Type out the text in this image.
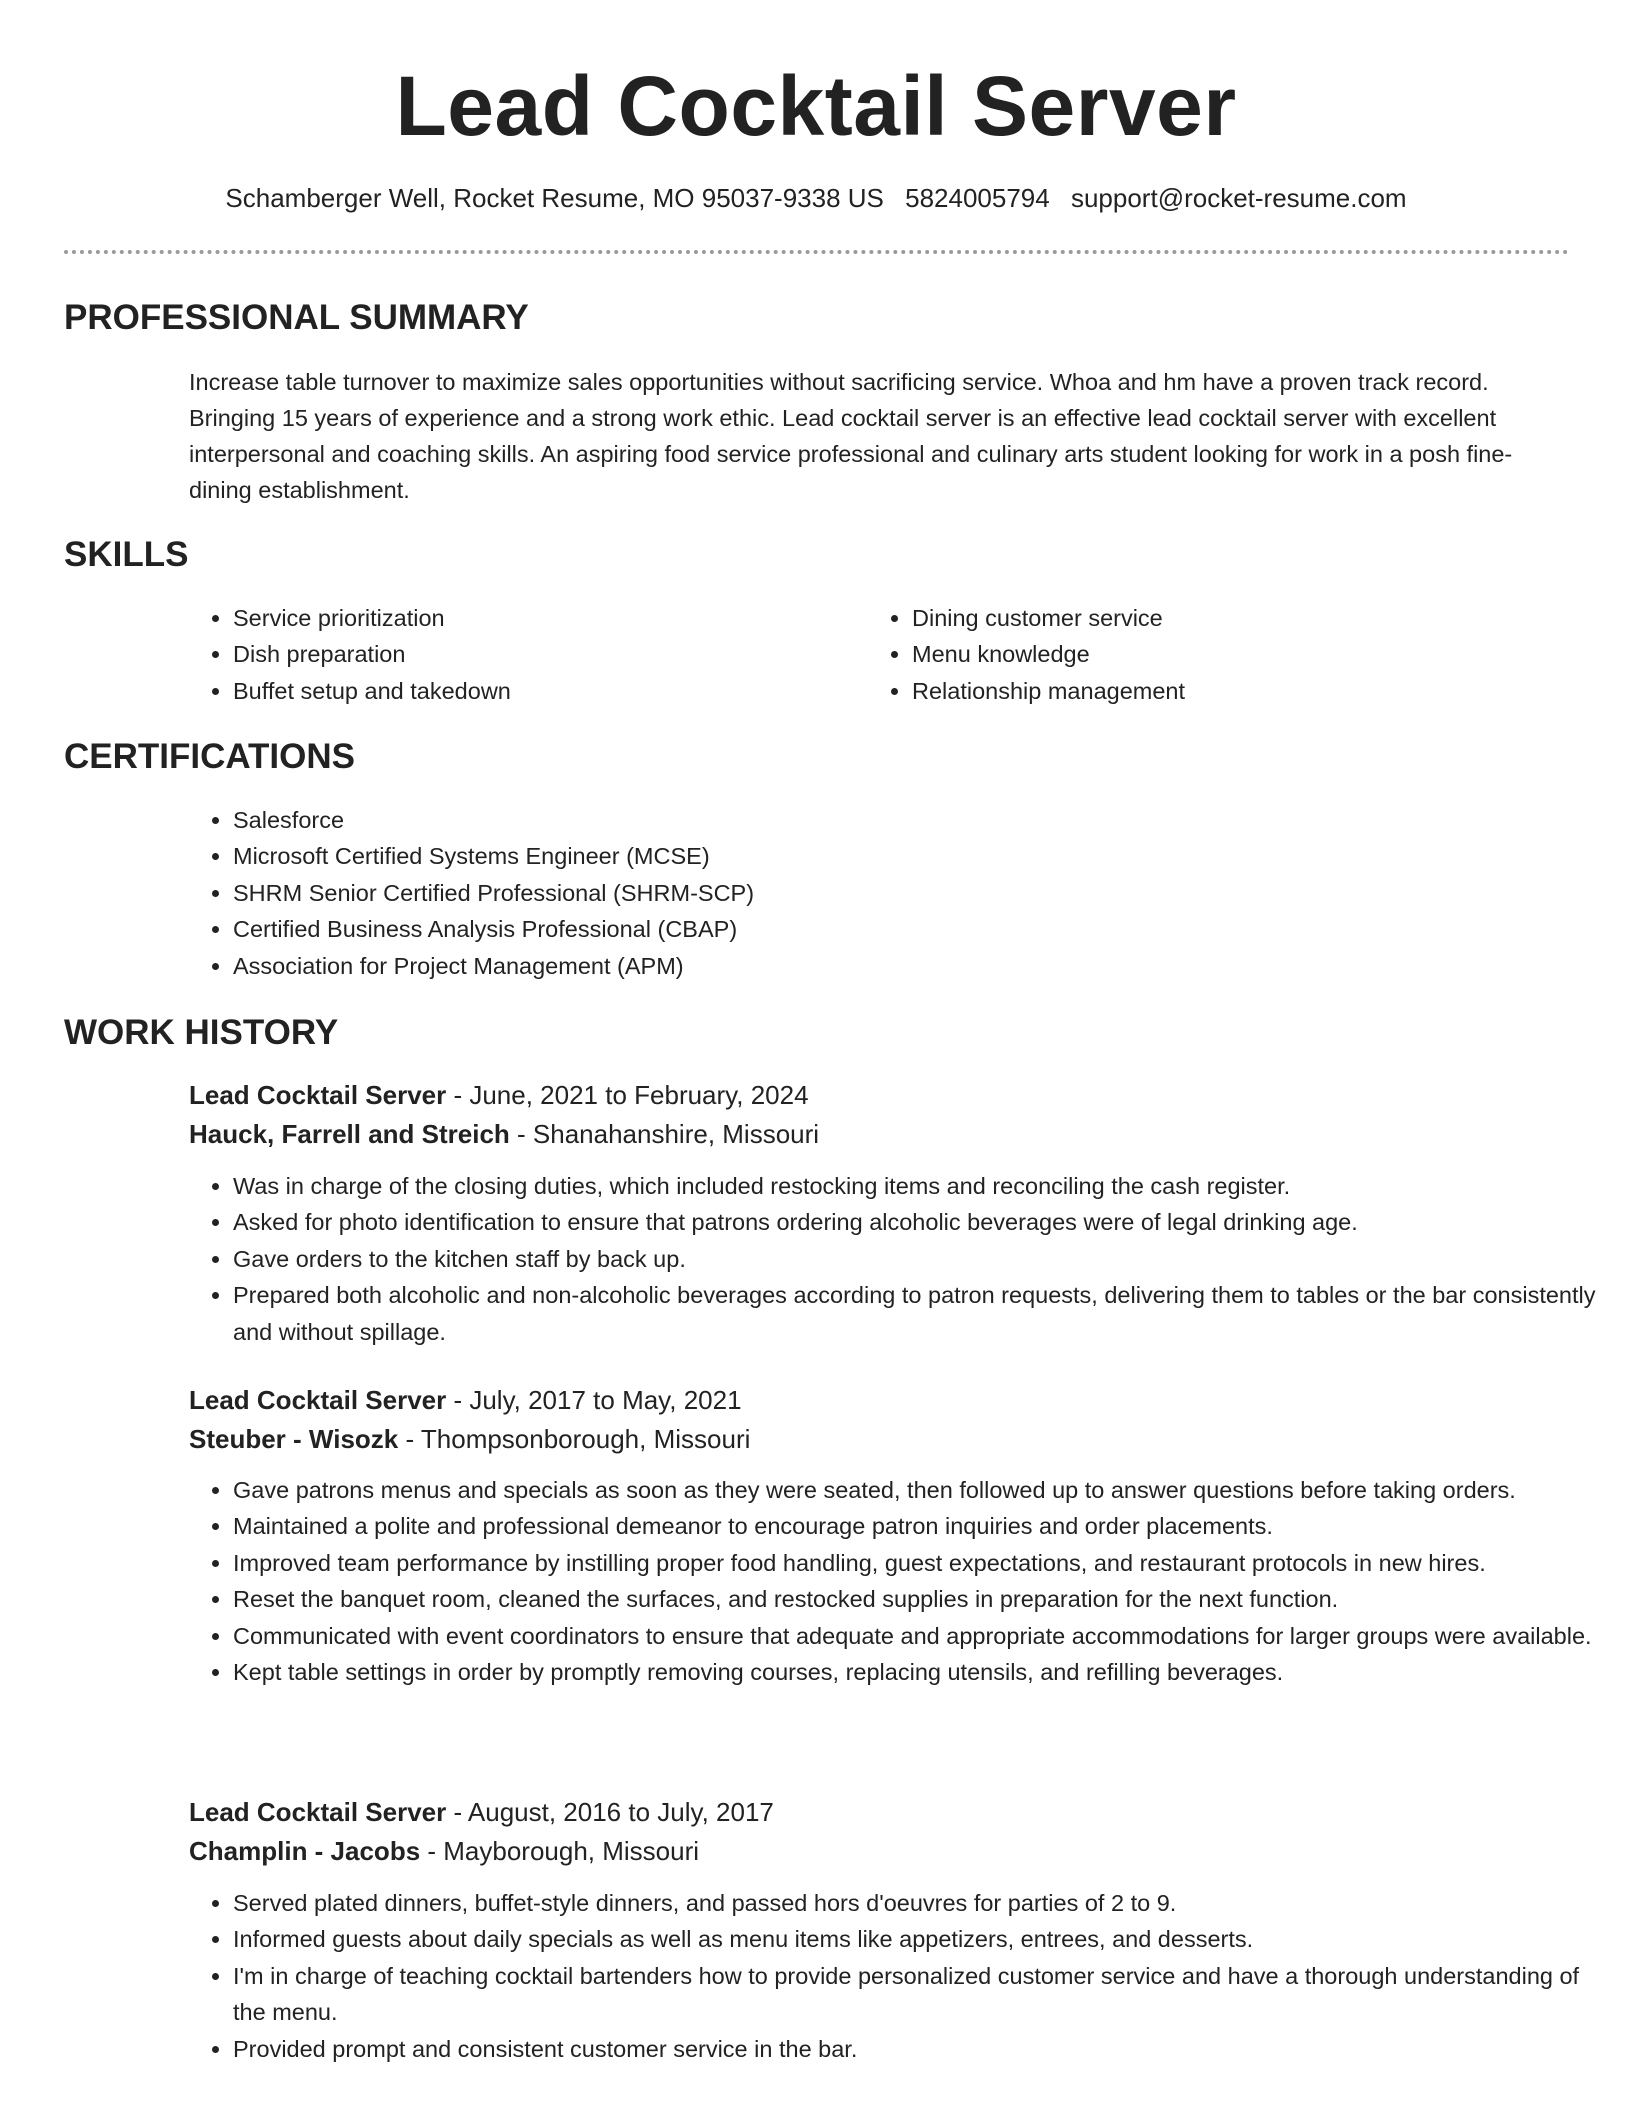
Lead Cocktail Server
Schamberger Well, Rocket Resume, MO 95037-9338 US 5824005794 support@rocket-resume.com
PROFESSIONAL SUMMARY

Increase table turnover to maximize sales opportunities without sacrificing service. Whoa and hm have a proven track record. Bringing 15 years of experience and a strong work ethic. Lead cocktail server is an effective lead cocktail server with excellent interpersonal and coaching skills. An aspiring food service professional and culinary arts student looking for work in a posh fine-dining establishment.

SKILLS
• Service prioritization
• Dish preparation
• Buffet setup and takedown
• Dining customer service
• Menu knowledge
• Relationship management
CERTIFICATIONS
• Salesforce
• Microsoft Certified Systems Engineer (MCSE)
• SHRM Senior Certified Professional (SHRM-SCP)
• Certified Business Analysis Professional (CBAP)
• Association for Project Management (APM)
WORK HISTORY
Lead Cocktail Server - June, 2021 to February, 2024
Hauck, Farrell and Streich - Shanahanshire, Missouri
• Was in charge of the closing duties, which included restocking items and reconciling the cash register.
• Asked for photo identification to ensure that patrons ordering alcoholic beverages were of legal drinking age.
• Gave orders to the kitchen staff by back up.
• Prepared both alcoholic and non-alcoholic beverages according to patron requests, delivering them to tables or the bar consistently and without spillage.
Lead Cocktail Server - July, 2017 to May, 2021
Steuber - Wisozk - Thompsonborough, Missouri
• Gave patrons menus and specials as soon as they were seated, then followed up to answer questions before taking orders.
• Maintained a polite and professional demeanor to encourage patron inquiries and order placements.
• Improved team performance by instilling proper food handling, guest expectations, and restaurant protocols in new hires.
• Reset the banquet room, cleaned the surfaces, and restocked supplies in preparation for the next function.
• Communicated with event coordinators to ensure that adequate and appropriate accommodations for larger groups were available.
• Kept table settings in order by promptly removing courses, replacing utensils, and refilling beverages.
Lead Cocktail Server - August, 2016 to July, 2017
Champlin - Jacobs - Mayborough, Missouri
• Served plated dinners, buffet-style dinners, and passed hors d'oeuvres for parties of 2 to 9.
• Informed guests about daily specials as well as menu items like appetizers, entrees, and desserts.
• I'm in charge of teaching cocktail bartenders how to provide personalized customer service and have a thorough understanding of the menu.
• Provided prompt and consistent customer service in the bar.
